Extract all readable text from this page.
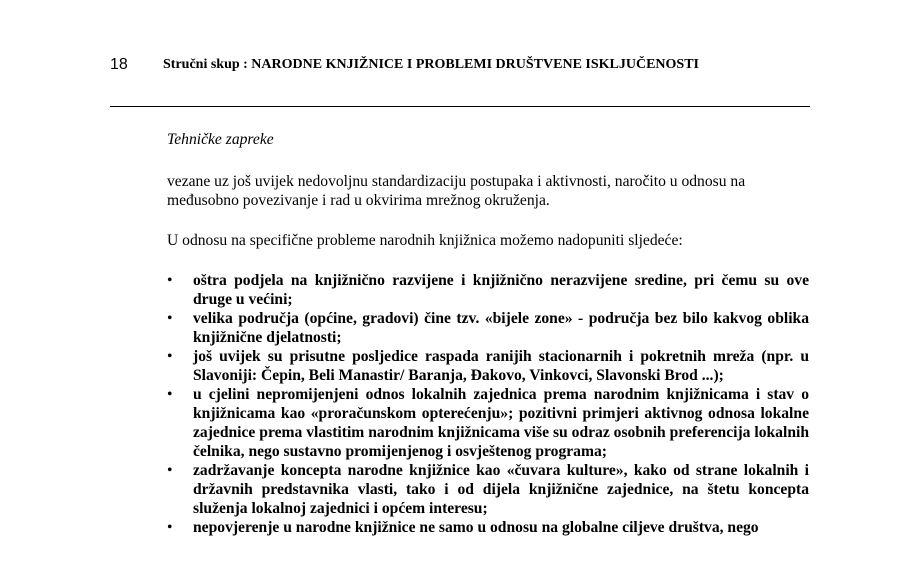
18	Stručni skup : NARODNE KNJIŽNICE I PROBLEMI DRUŠTVENE ISKLJUČENOSTI

Tehničke zapreke

vezane uz još uvijek nedovoljnu standardizaciju postupaka i aktivnosti, naročito u odnosu na međusobno povezivanje i rad u okvirima mrežnog okruženja.

U odnosu na specifične probleme narodnih knjižnica možemo nadopuniti sljedeće:

• oštra podjela na knjižnično razvijene i knjižnično nerazvijene sredine, pri čemu su ove druge u većini;
• velika područja (općine, gradovi) čine tzv. «bijele zone» - područja bez bilo kakvog oblika knjižnične djelatnosti;
• još uvijek su prisutne posljedice raspada ranijih stacionarnih i pokretnih mreža (npr. u Slavoniji: Čepin, Beli Manastir/ Baranja, Đakovo, Vinkovci, Slavonski Brod ...);
• u cjelini nepromijenjeni odnos lokalnih zajednica prema narodnim knjižnicama i stav o knjižnicama kao «proračunskom opterećenju»; pozitivni primjeri aktivnog odnosa lokalne zajednice prema vlastitim narodnim knjižnicama više su odraz osobnih preferencija lokalnih čelnika, nego sustavno promijenjenog i osvještenog programa;
• zadržavanje koncepta narodne knjižnice kao «čuvara kulture», kako od strane lokalnih i državnih predstavnika vlasti, tako i od dijela knjižnične zajednice, na štetu koncepta služenja lokalnoj zajednici i općem interesu;
• nepovjerenje u narodne knjižnice ne samo u odnosu na globalne ciljeve društva, nego
